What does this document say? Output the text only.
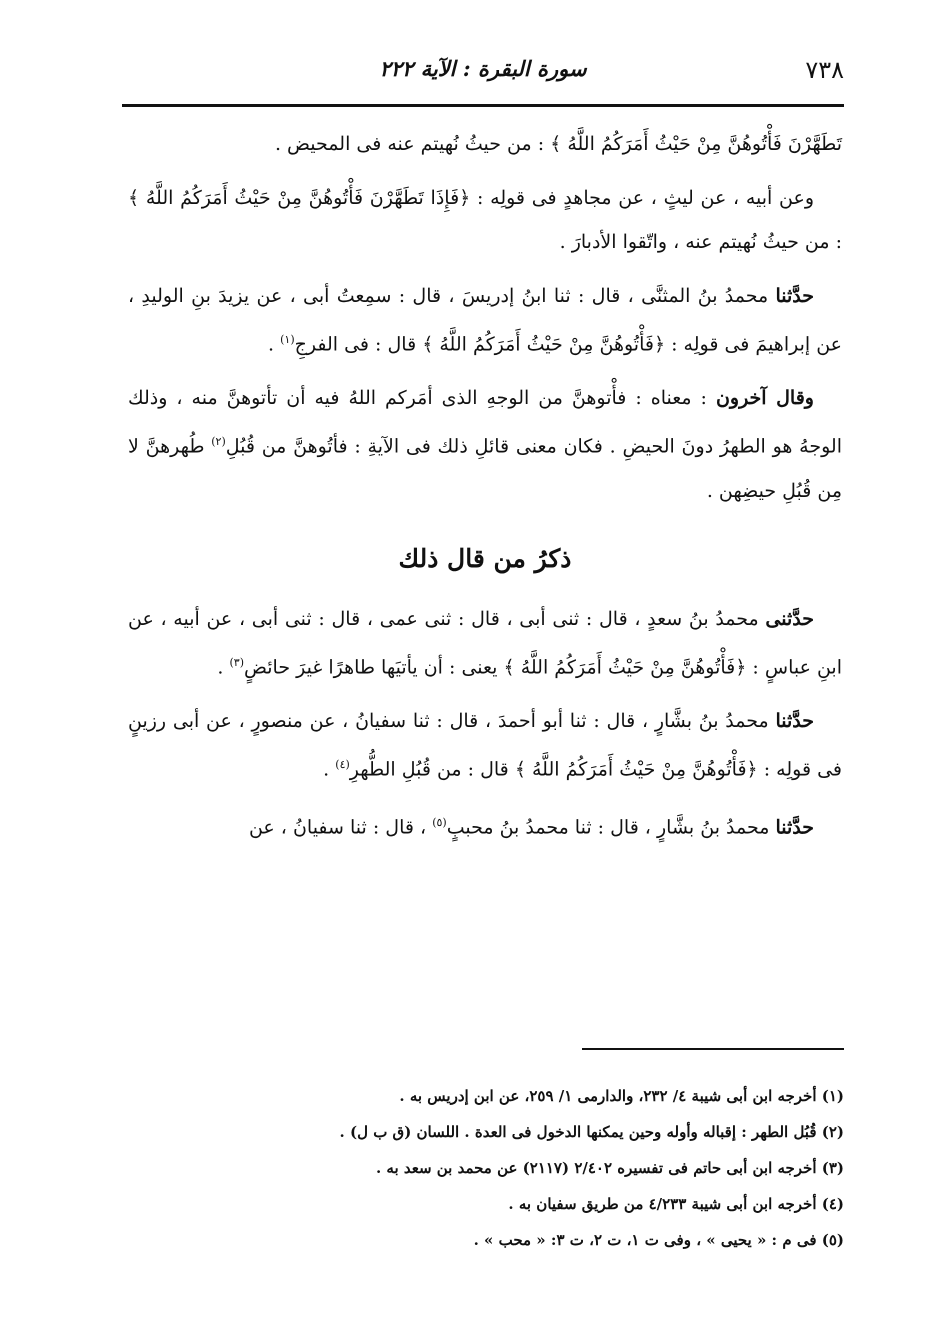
٧٣٨
سورة البقرة : الآية ٢٢٢

تَطَهَّرْنَ فَأْتُوهُنَّ مِنْ حَيْثُ أَمَرَكُمُ اللَّهُ ﴾ : من حيثُ نُهيتم عنه فى المحيض .

وعن أبيه ، عن ليثٍ ، عن مجاهدٍ فى قولِه : ﴿فَإِذَا تَطَهَّرْنَ فَأْتُوهُنَّ مِنْ حَيْثُ أَمَرَكُمُ اللَّهُ ﴾ : من حيثُ نُهيتم عنه ، واتّقوا الأدبارَ .

حدَّثنا محمدُ بنُ المثنَّى ، قال : ثنا ابنُ إدريسَ ، قال : سمِعتُ أبى ، عن يزيدَ بنِ الوليدِ ، عن إبراهيمَ فى قولِه : ﴿فَأْتُوهُنَّ مِنْ حَيْثُ أَمَرَكُمُ اللَّهُ ﴾ قال : فى الفرجِ$^{(١)}$ .

وقال آخرون : معناه : فأْتوهنَّ من الوجهِ الذى أمَركم اللهُ فيه أن تأتوهنَّ منه ، وذلك الوجهُ هو الطهرُ دونَ الحيضِ . فكان معنى قائلِ ذلك فى الآيةِ : فأتُوهنَّ من قُبُلِ$^{(٢)}$ طُهرهنَّ لا مِن قُبُلِ حيضِهن .

ذكرُ من قال ذلك

حدَّثنى محمدُ بنُ سعدٍ ، قال : ثنى أبى ، قال : ثنى عمى ، قال : ثنى أبى ، عن أبيه ، عن ابنِ عباسٍ : ﴿فَأْتُوهُنَّ مِنْ حَيْثُ أَمَرَكُمُ اللَّهُ ﴾ يعنى : أن يأتيَها طاهرًا غيرَ حائضٍ$^{(٣)}$ .

حدَّثنا محمدُ بنُ بشَّارٍ ، قال : ثنا أبو أحمدَ ، قال : ثنا سفيانُ ، عن منصورٍ ، عن أبى رزينٍ فى قولِه : ﴿فَأْتُوهُنَّ مِنْ حَيْثُ أَمَرَكُمُ اللَّهُ ﴾ قال : من قُبُلِ الطُّهرِ$^{(٤)}$ .

حدَّثنا محمدُ بنُ بشَّارٍ ، قال : ثنا محمدُ بنُ محببٍ$^{(٥)}$ ، قال : ثنا سفيانُ ، عن

(١) أخرجه ابن أبى شيبة ٤/ ٢٣٢، والدارمى ١/ ٢٥٩، عن ابن إدريس به .

(٢) قُبُل الطهر : إقباله وأوله وحين يمكنها الدخول فى العدة . اللسان (ق ب ل) .

(٣) أخرجه ابن أبى حاتم فى تفسيره ٢/٤٠٢ (٢١١٧) عن محمد بن سعد به .

(٤) أخرجه ابن أبى شيبة ٤/٢٣٣ من طريق سفيان به .

(٥) فى م : « يحيى » ، وفى ت ١، ت ٢، ت ٣: « محب » .
